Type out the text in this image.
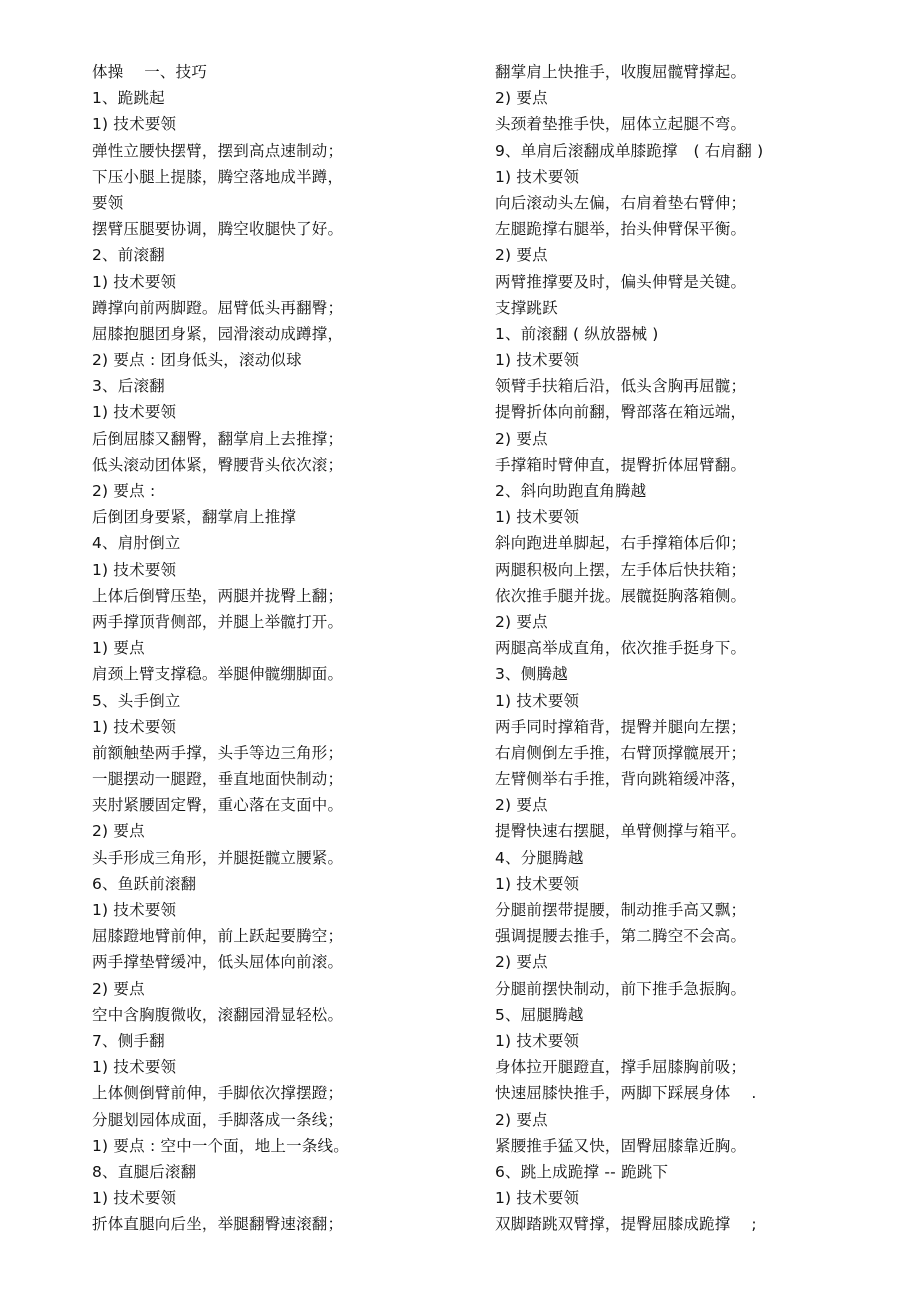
体操　 一、技巧
1、跪跳起
1) 技术要领
弹性立腰快摆臂，摆到高点速制动；
下压小腿上提膝，腾空落地成半蹲，
要领
摆臂压腿要协调，腾空收腿快了好。
2、前滚翻
1) 技术要领
蹲撑向前两脚蹬。屈臂低头再翻臀；
屈膝抱腿团身紧，园滑滚动成蹲撑，
2) 要点 : 团身低头，滚动似球
3、后滚翻
1) 技术要领
后倒屈膝又翻臀，翻掌肩上去推撑；
低头滚动团体紧，臀腰背头依次滚；
2) 要点 :
后倒团身要紧，翻掌肩上推撑
4、肩肘倒立
1) 技术要领
上体后倒臂压垫，两腿并拢臀上翻；
两手撑顶背侧部，并腿上举髋打开。
1) 要点
肩颈上臂支撑稳。举腿伸髋绷脚面。
5、头手倒立
1) 技术要领
前额触垫两手撑，头手等边三角形；
一腿摆动一腿蹬，垂直地面快制动；
夹肘紧腰固定臀，重心落在支面中。
2) 要点
头手形成三角形，并腿挺髋立腰紧。
6、鱼跃前滚翻
1) 技术要领
屈膝蹬地臂前伸，前上跃起要腾空；
两手撑垫臂缓冲，低头屈体向前滚。
2) 要点
空中含胸腹微收，滚翻园滑显轻松。
7、侧手翻
1) 技术要领
上体侧倒臂前伸，手脚依次撑摆蹬；
分腿划园体成面，手脚落成一条线；
1) 要点 : 空中一个面，地上一条线。
8、直腿后滚翻
1) 技术要领
折体直腿向后坐，举腿翻臀速滚翻；
翻掌肩上快推手，收腹屈髋臂撑起。
2) 要点
头颈着垫推手快，屈体立起腿不弯。
9、单肩后滚翻成单膝跪撑　( 右肩翻 )
1) 技术要领
向后滚动头左偏，右肩着垫右臂伸；
左腿跪撑右腿举，抬头伸臂保平衡。
2) 要点
两臂推撑要及时，偏头伸臂是关键。
支撑跳跃
1、前滚翻 ( 纵放器械 )
1) 技术要领
领臂手扶箱后沿，低头含胸再屈髋；
提臀折体向前翻，臀部落在箱远端，
2) 要点
手撑箱时臂伸直，提臀折体屈臂翻。
2、斜向助跑直角腾越
1) 技术要领
斜向跑进单脚起，右手撑箱体后仰；
两腿积极向上摆，左手体后快扶箱；
依次推手腿并拢。展髋挺胸落箱侧。
2) 要点
两腿高举成直角，依次推手挺身下。
3、侧腾越
1) 技术要领
两手同时撑箱背，提臀并腿向左摆；
右肩侧倒左手推，右臂顶撑髋展开；
左臂侧举右手推，背向跳箱缓冲落，
2) 要点
提臀快速右摆腿，单臂侧撑与箱平。
4、分腿腾越
1) 技术要领
分腿前摆带提腰，制动推手高又飘；
强调提腰去推手，第二腾空不会高。
2) 要点
分腿前摆快制动，前下推手急振胸。
5、屈腿腾越
1) 技术要领
身体拉开腿蹬直，撑手屈膝胸前吸；
快速屈膝快推手，两脚下踩展身体　 .
2) 要点
紧腰推手猛又快，固臀屈膝靠近胸。
6、跳上成跪撑 -- 跪跳下
1) 技术要领
双脚踏跳双臂撑，提臀屈膝成跪撑　 ;
